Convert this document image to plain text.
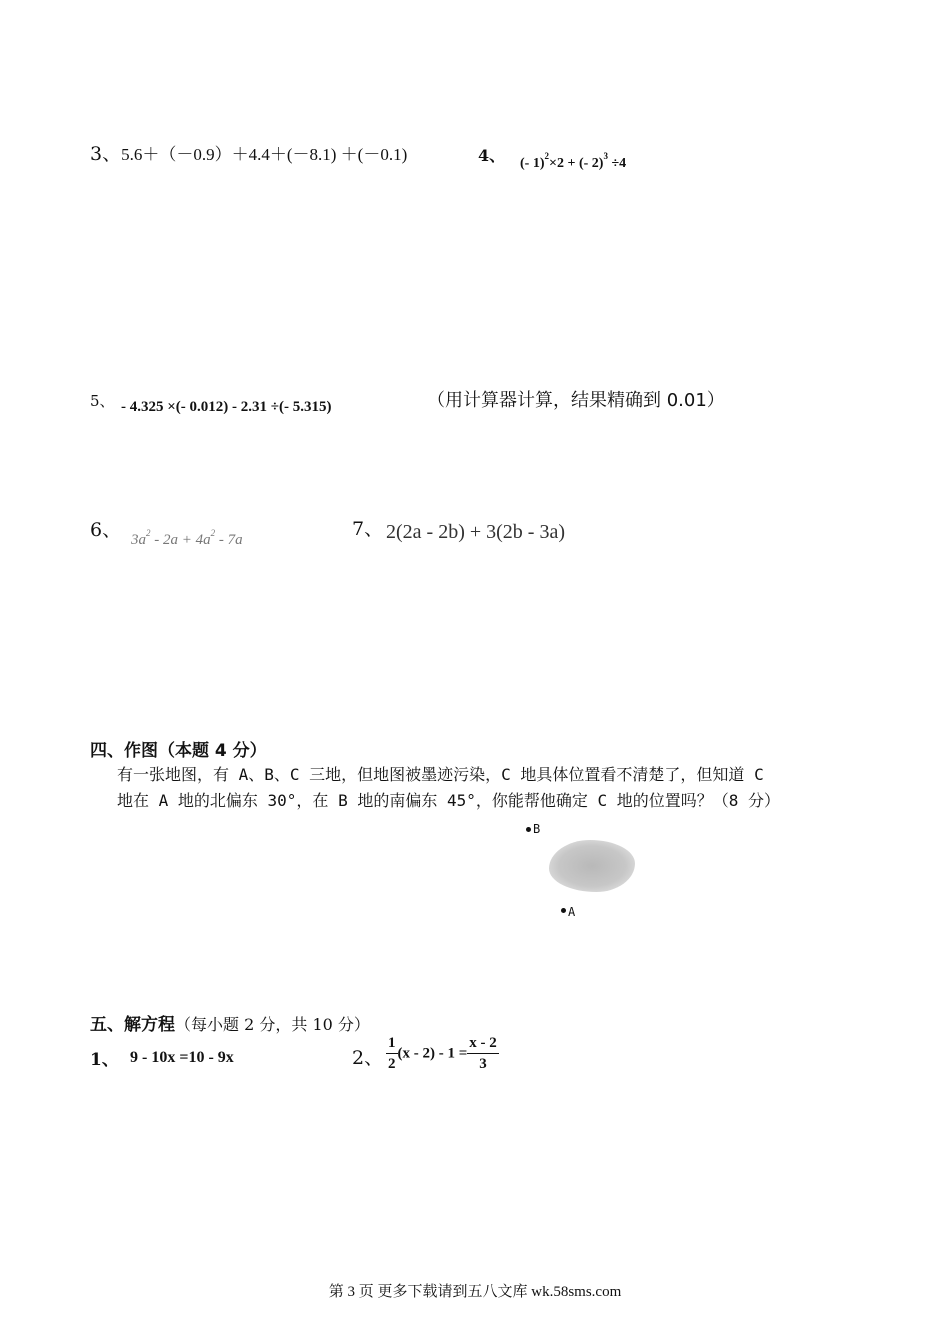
3、5.6＋（－0.9）＋4.4＋(－8.1) ＋(－0.1)	4、 (- 1)$^2$×2 + (- 2)$^3$ ÷4
5、 - 4.325 ×(- 0.012) - 2.31 ÷(- 5.315)	（用计算器计算，结果精确到 0.01）
6、 $3a^2 - 2a + 4a^2 - 7a$	7、 2(2a - 2b) + 3(2b - 3a)
四、作图（本题 4 分）
有一张地图，有 A、B、C 三地，但地图被墨迹污染，C 地具体位置看不清楚了，但知道 C
地在 A 地的北偏东 30°，在 B 地的南偏东 45°，你能帮他确定 C 地的位置吗？（8 分）
B
A
五、解方程（每小题 2 分，共 10 分）
1、 9 - 10x =10 - 9x	2、 $\frac{1}{2} (x - 2) - 1 = \frac{x - 2}{3}$
第 3 页 更多下载请到五八文库 wk.58sms.com
